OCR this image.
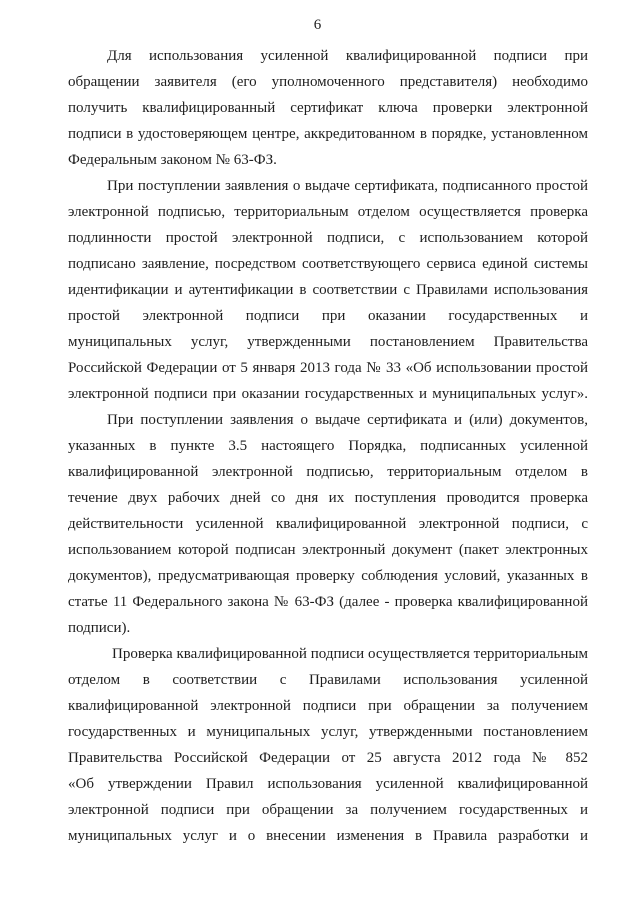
6
Для использования усиленной квалифицированной подписи при
обращении заявителя (его уполномоченного представителя) необходимо
получить квалифицированный сертификат ключа проверки электронной
подписи в удостоверяющем центре, аккредитованном в порядке, установленном
Федеральным законом № 63-ФЗ.
При поступлении заявления о выдаче сертификата, подписанного простой
электронной подписью, территориальным отделом осуществляется проверка
подлинности простой электронной подписи, с использованием которой
подписано заявление, посредством соответствующего сервиса единой системы
идентификации и аутентификации в соответствии с Правилами использования
простой электронной подписи при оказании государственных и
муниципальных услуг, утвержденными постановлением Правительства
Российской Федерации от 5 января 2013 года № 33 «Об использовании простой
электронной подписи при оказании государственных и муниципальных услуг».
При поступлении заявления о выдаче сертификата и (или) документов,
указанных в пункте 3.5 настоящего Порядка, подписанных усиленной
квалифицированной электронной подписью, территориальным отделом в
течение двух рабочих дней со дня их поступления проводится проверка
действительности усиленной квалифицированной электронной подписи, с
использованием которой подписан электронный документ (пакет электронных
документов), предусматривающая проверку соблюдения условий, указанных в
статье 11 Федерального закона № 63-ФЗ (далее - проверка квалифицированной
подписи).
Проверка квалифицированной подписи осуществляется территориальным
отделом в соответствии с Правилами использования усиленной
квалифицированной электронной подписи при обращении за получением
государственных и муниципальных услуг, утвержденными постановлением
Правительства Российской Федерации от 25 августа 2012 года № 852
«Об утверждении Правил использования усиленной квалифицированной
электронной подписи при обращении за получением государственных и
муниципальных услуг и о внесении изменения в Правила разработки и
